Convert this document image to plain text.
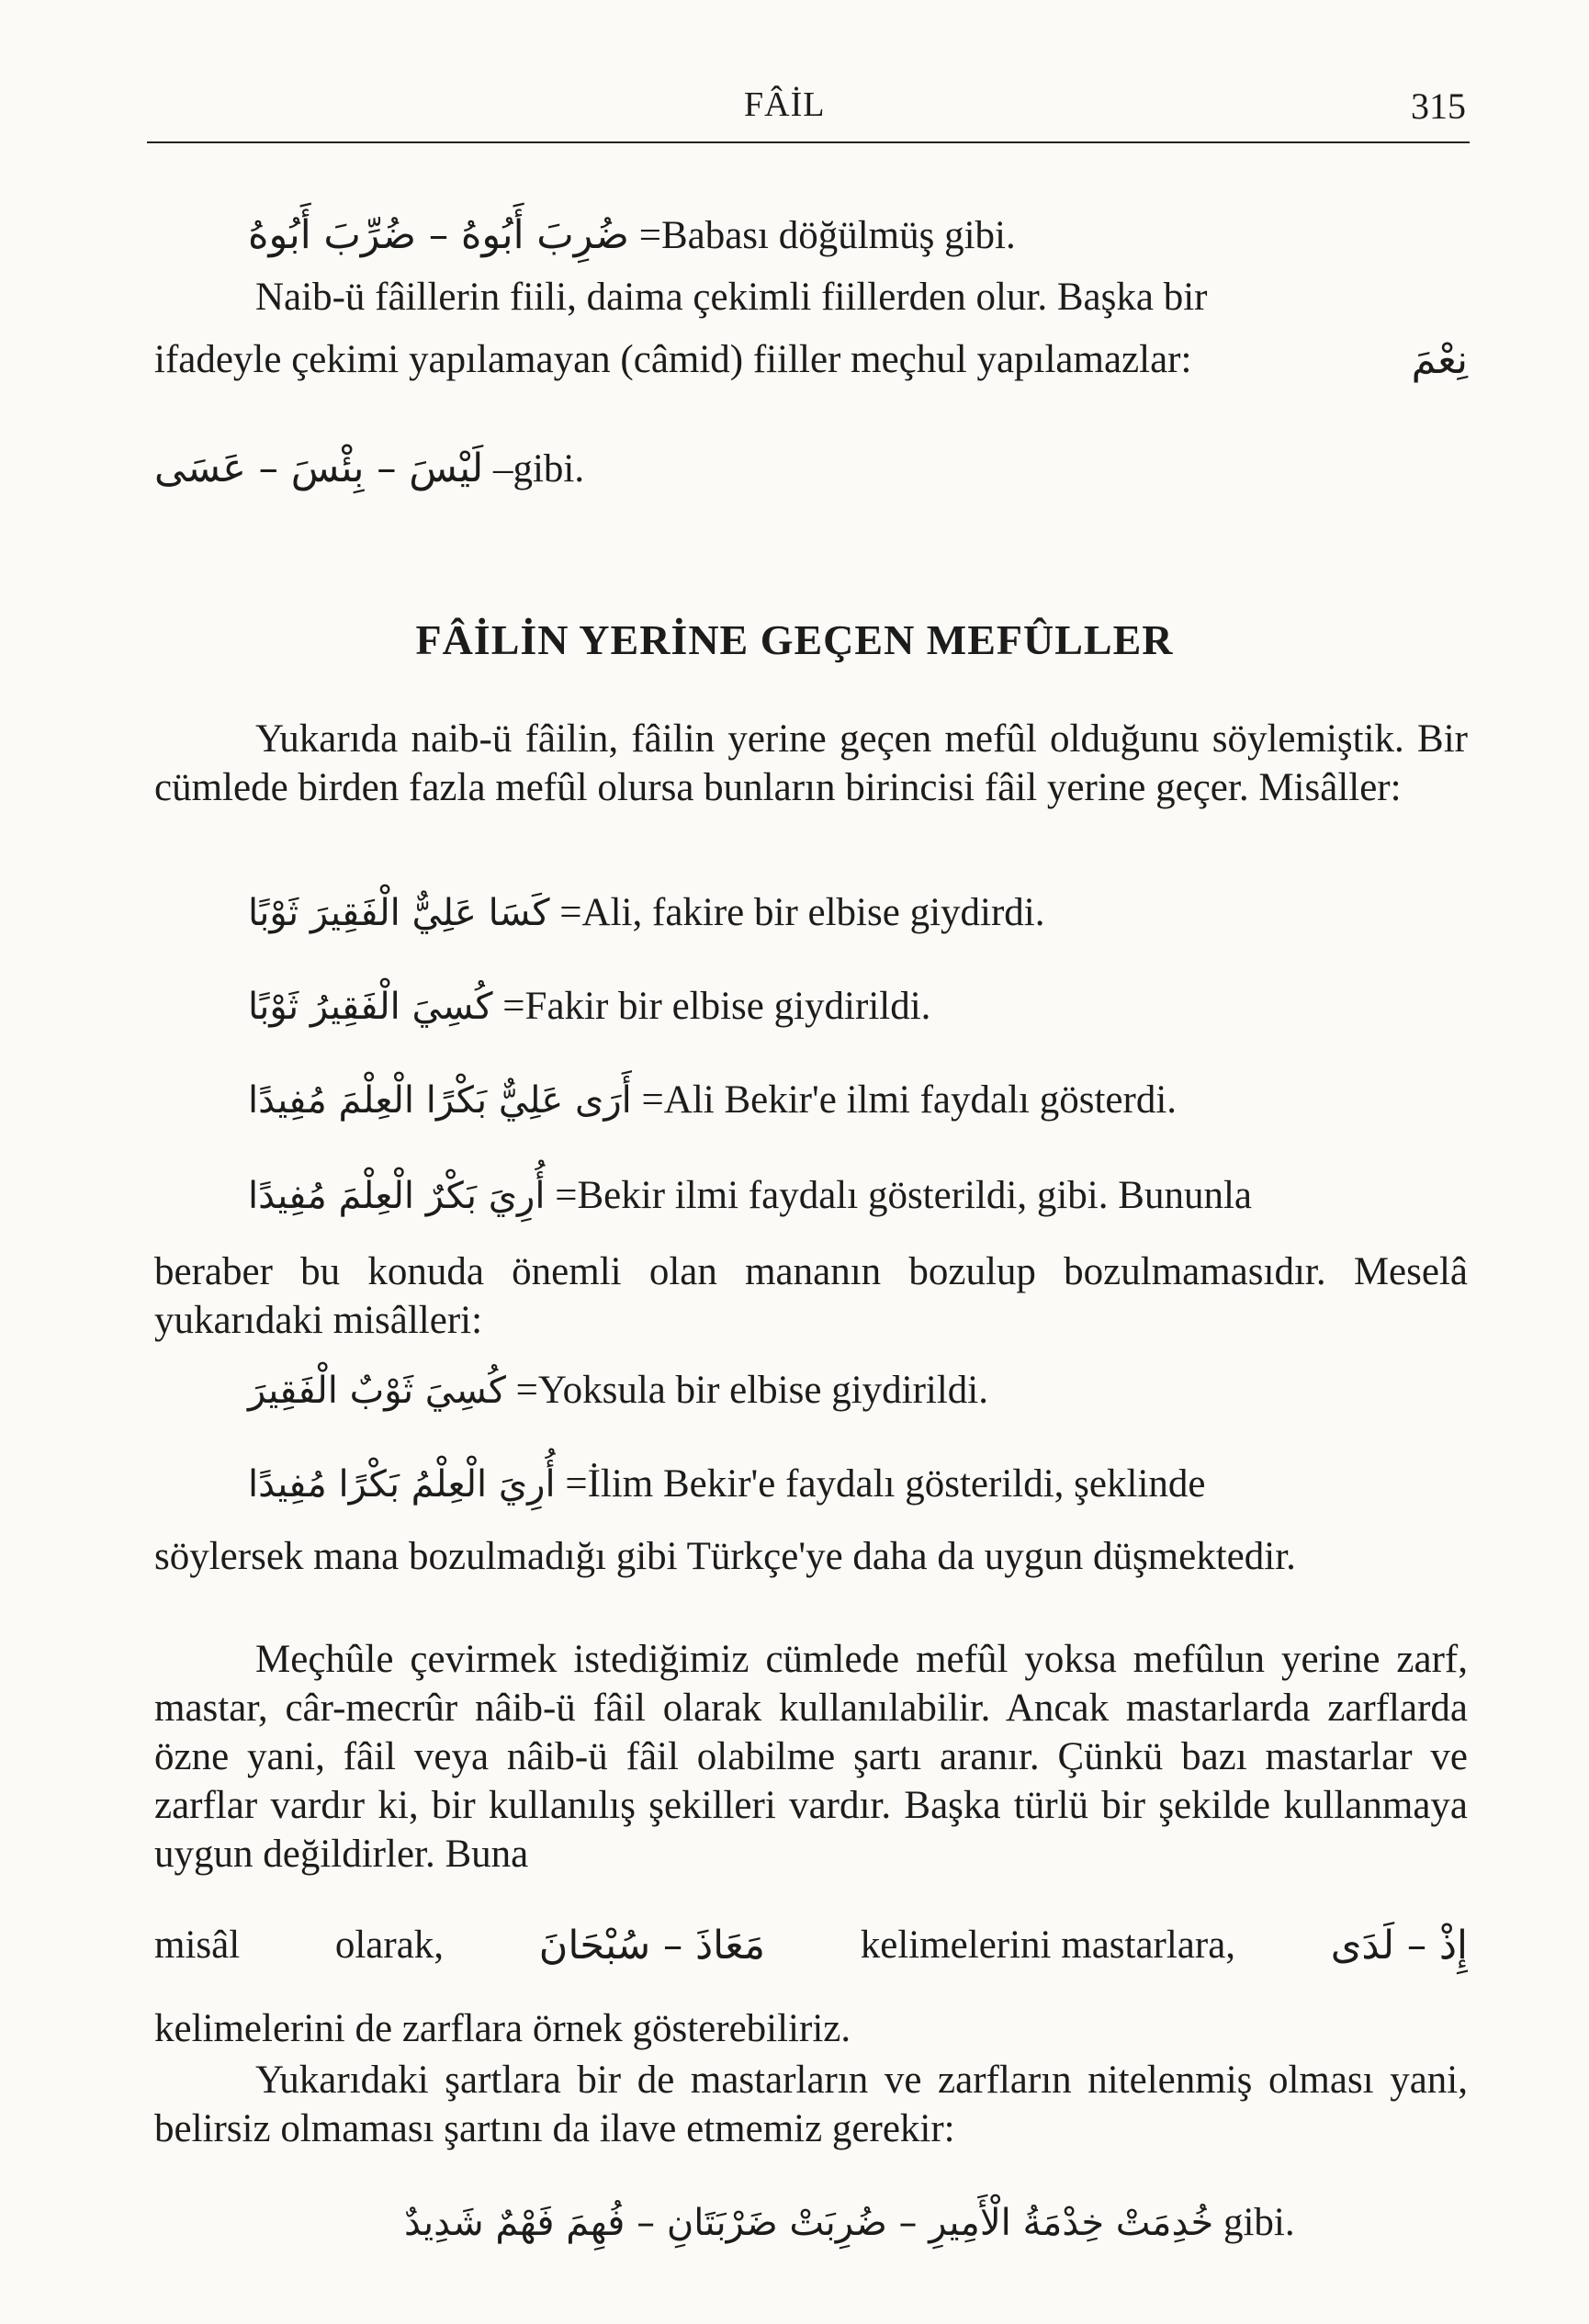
FÂİL	315
ضُرِبَ أَبُوهُ – ضُرِّبَ أَبُوهُ =Babası döğülmüş gibi.
Naib-ü fâillerin fiili, daima çekimli fiillerden olur. Başka bir
ifadeyle çekimi yapılamayan (câmid) fiiller meçhul yapılamazlar:	نِعْمَ
لَيْسَ – بِئْسَ – عَسَى –gibi.
FÂİLİN YERİNE GEÇEN MEFÛLLER
Yukarıda naib-ü fâilin, fâilin yerine geçen mefûl olduğunu söylemiştik. Bir cümlede birden fazla mefûl olursa bunların birincisi fâil yerine geçer. Misâller:
كَسَا عَلِيٌّ الْفَقِيرَ ثَوْبًا =Ali, fakire bir elbise giydirdi.
كُسِيَ الْفَقِيرُ ثَوْبًا =Fakir bir elbise giydirildi.
أَرَى عَلِيٌّ بَكْرًا الْعِلْمَ مُفِيدًا =Ali Bekir'e ilmi faydalı gösterdi.
أُرِيَ بَكْرٌ الْعِلْمَ مُفِيدًا =Bekir ilmi faydalı gösterildi, gibi. Bununla
beraber bu konuda önemli olan mananın bozulup bozulmamasıdır. Meselâ yukarıdaki misâlleri:
كُسِيَ ثَوْبٌ الْفَقِيرَ =Yoksula bir elbise giydirildi.
أُرِيَ الْعِلْمُ بَكْرًا مُفِيدًا =İlim Bekir'e faydalı gösterildi, şeklinde
söylersek mana bozulmadığı gibi Türkçe'ye daha da uygun düşmektedir.
Meçhûle çevirmek istediğimiz cümlede mefûl yoksa mefûlun yerine zarf, mastar, câr-mecrûr nâib-ü fâil olarak kullanılabilir. Ancak mastarlarda zarflarda özne yani, fâil veya nâib-ü fâil olabilme şartı aranır. Çünkü bazı mastarlar ve zarflar vardır ki, bir kullanılış şekilleri vardır. Başka türlü bir şekilde kullanmaya uygun değildirler. Buna
misâl olarak, مَعَاذَ – سُبْحَانَ kelimelerini mastarlara, إِذْ – لَدَى
kelimelerini de zarflara örnek gösterebiliriz.
Yukarıdaki şartlara bir de mastarların ve zarfların nitelenmiş olması yani, belirsiz olmaması şartını da ilave etmemiz gerekir:
خُدِمَتْ خِدْمَةُ الْأَمِيرِ – ضُرِبَتْ ضَرْبَتَانِ – فُهِمَ فَهْمٌ شَدِيدٌ gibi.
